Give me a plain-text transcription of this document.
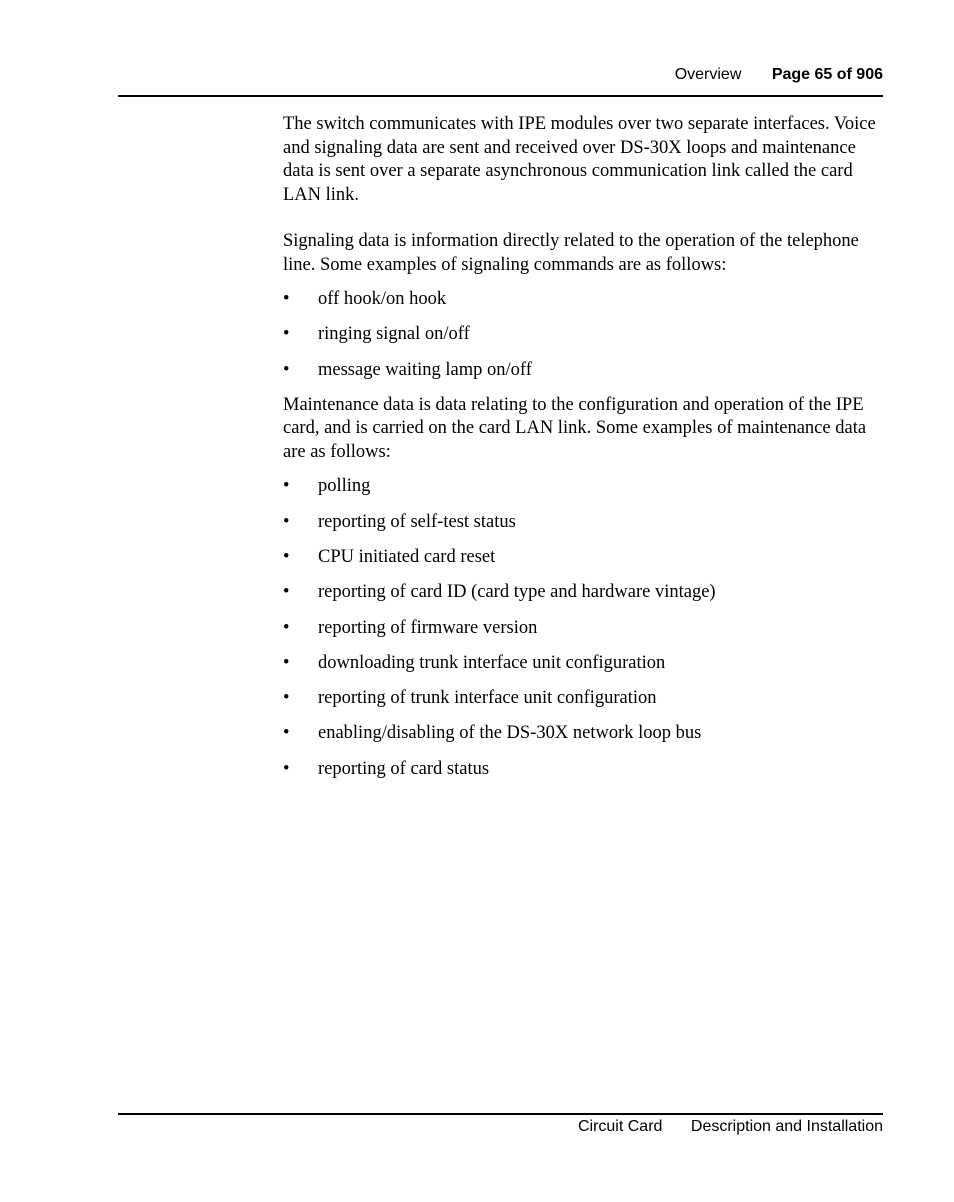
Overview Page 65 of 906

The switch communicates with IPE modules over two separate interfaces. Voice and signaling data are sent and received over DS-30X loops and maintenance data is sent over a separate asynchronous communication link called the card LAN link.

Signaling data is information directly related to the operation of the telephone line. Some examples of signaling commands are as follows:

• off hook/on hook
• ringing signal on/off
• message waiting lamp on/off

Maintenance data is data relating to the configuration and operation of the IPE card, and is carried on the card LAN link. Some examples of maintenance data are as follows:

• polling
• reporting of self-test status
• CPU initiated card reset
• reporting of card ID (card type and hardware vintage)
• reporting of firmware version
• downloading trunk interface unit configuration
• reporting of trunk interface unit configuration
• enabling/disabling of the DS-30X network loop bus
• reporting of card status
Circuit Card Description and Installation
